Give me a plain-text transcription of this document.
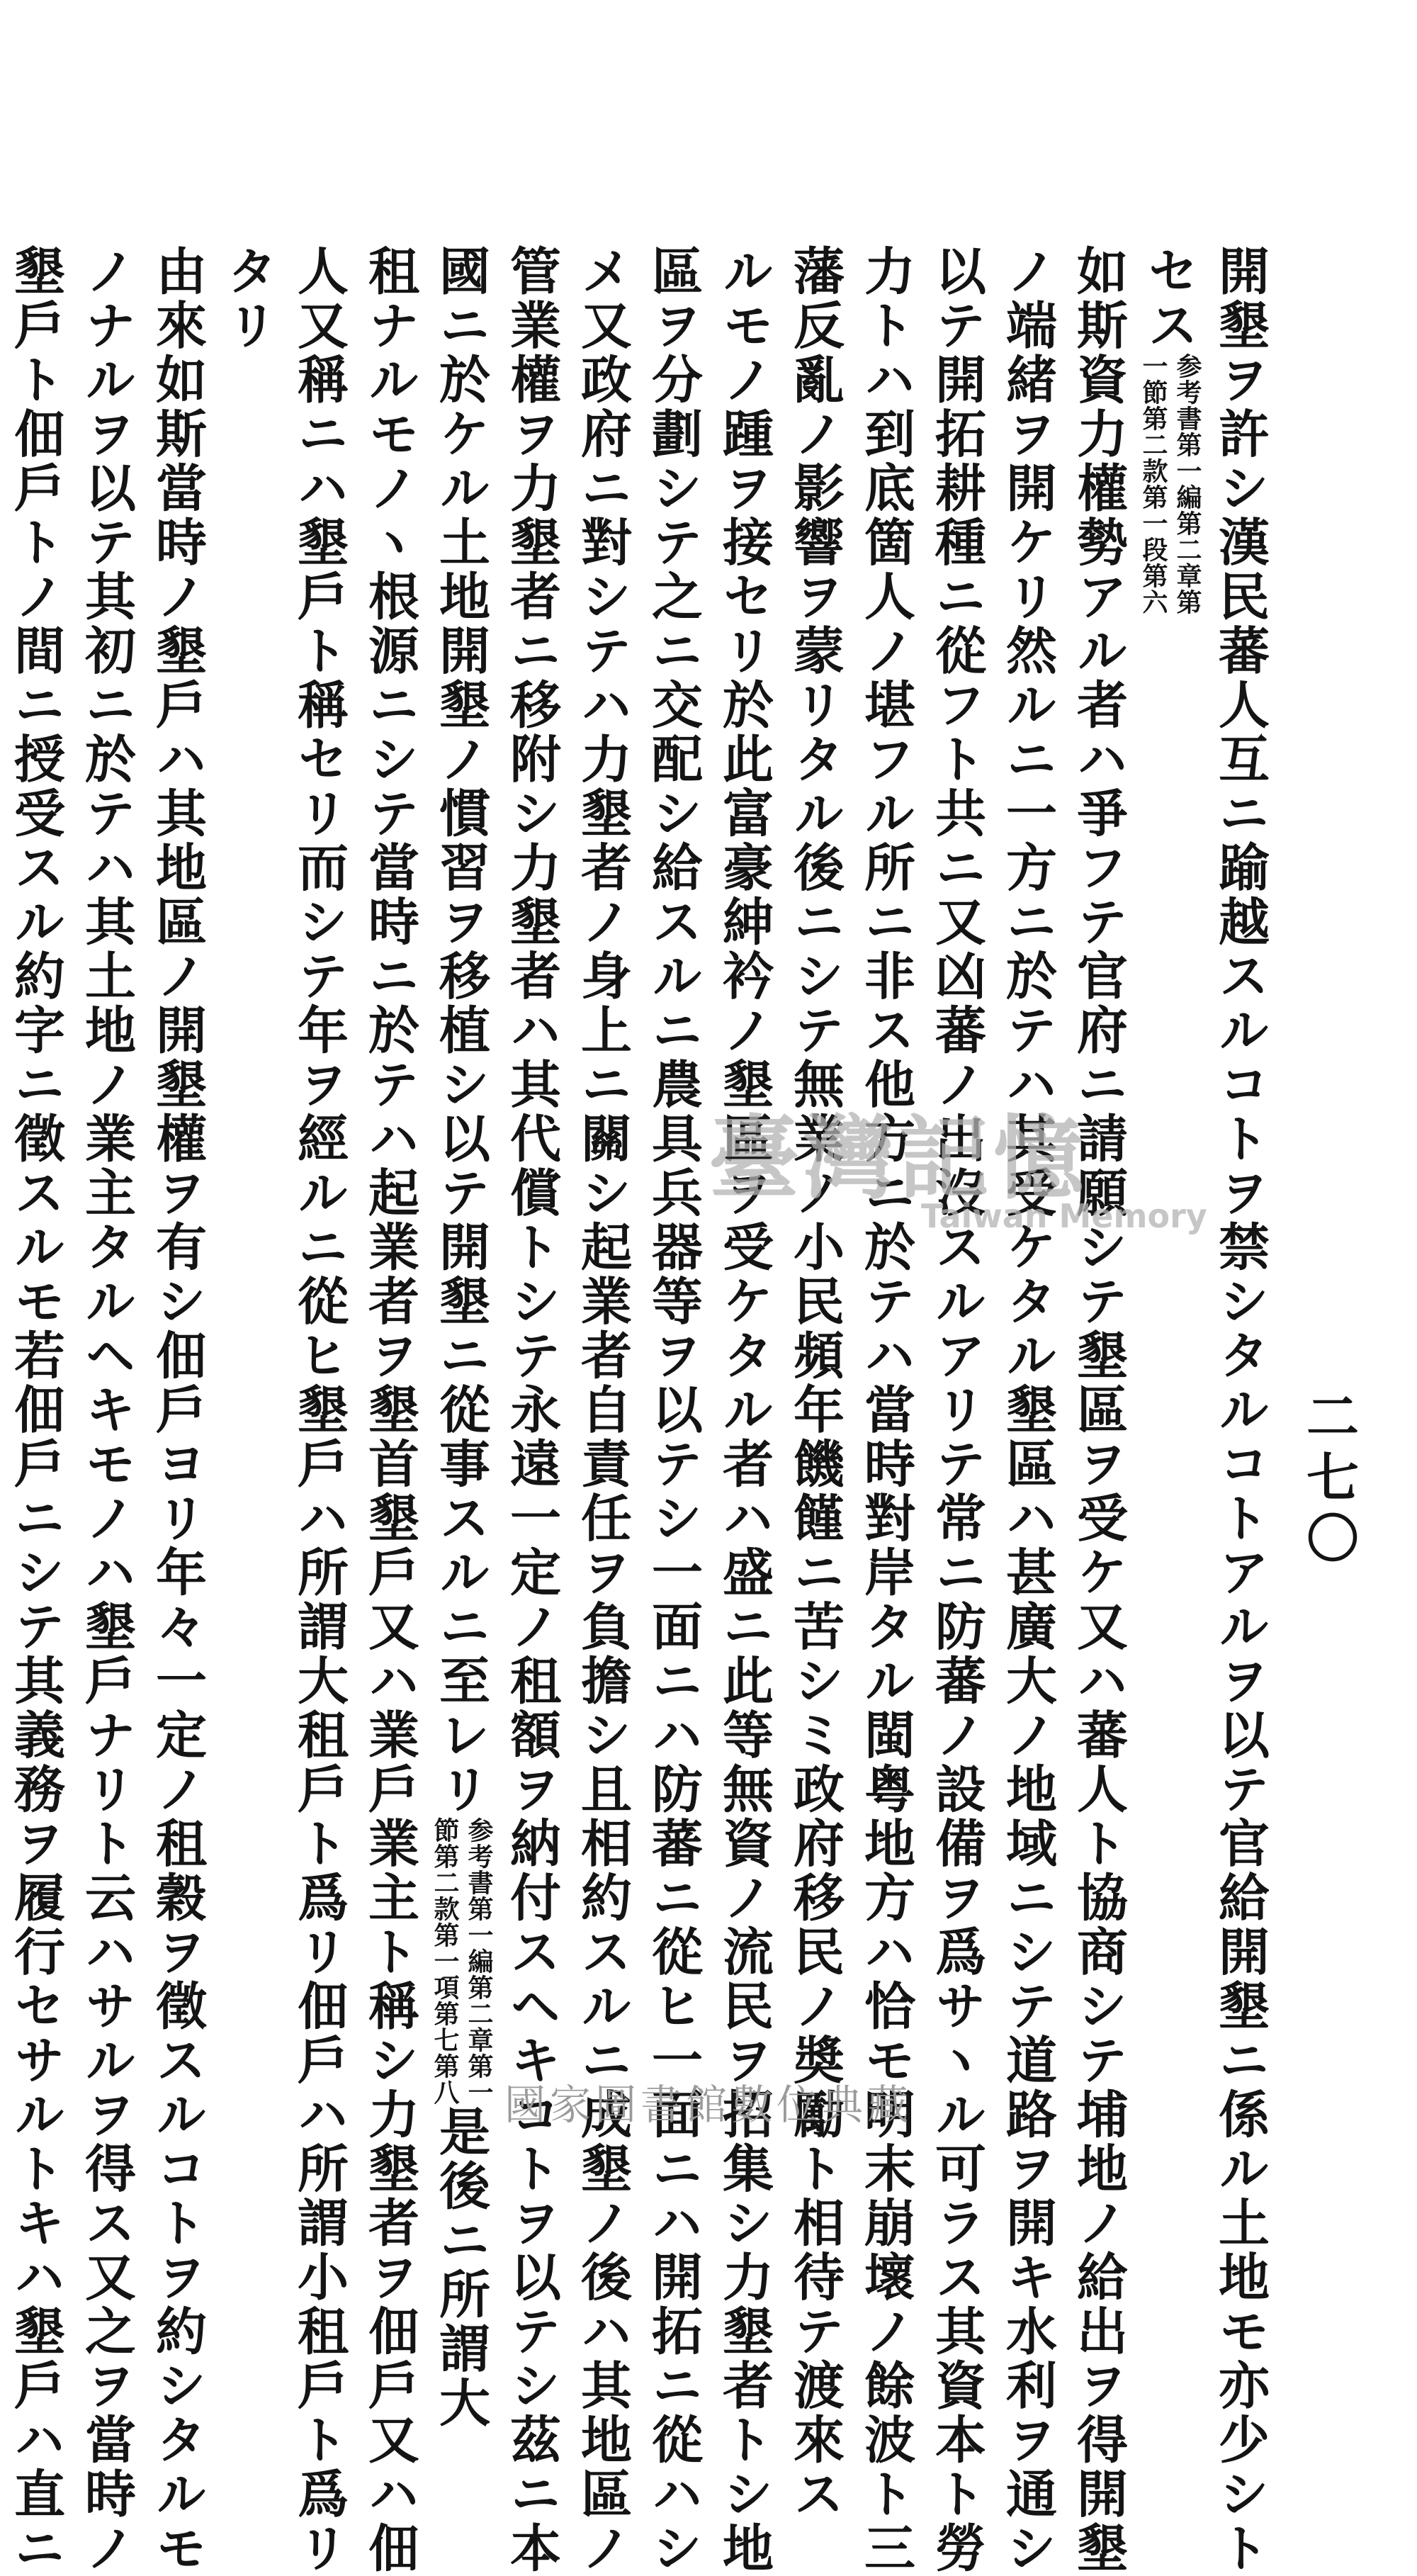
二七〇
開墾ヲ許シ漢民蕃人互ニ踰越スルコトヲ禁シタルコトアルヲ以テ官給開墾ニ係ル土地モ亦少シト
セス
参考書第一編第二章第
一節第二款第一段第六
如斯資力權勢アル者ハ爭フテ官府ニ請願シテ墾區ヲ受ケ又ハ蕃人ト協商シテ埔地ノ給出ヲ得開墾
ノ端緒ヲ開ケリ然ルニ一方ニ於テハ其受ケタル墾區ハ甚廣大ノ地域ニシテ道路ヲ開キ水利ヲ通シ
以テ開拓耕種ニ從フト共ニ又凶蕃ノ出沒スルアリテ常ニ防蕃ノ設備ヲ爲サヽル可ラス其資本ト勞
力トハ到底箇人ノ堪フル所ニ非ス他方ニ於テハ當時對岸タル閩粤地方ハ恰モ明末崩壞ノ餘波ト三
藩反亂ノ影響ヲ蒙リタル後ニシテ無業ノ小民頻年饑饉ニ苦シミ政府移民ノ奬勵ト相待テ渡來ス
ルモノ踵ヲ接セリ於此富豪紳衿ノ墾區ヲ受ケタル者ハ盛ニ此等無資ノ流民ヲ招集シ力墾者トシ地
區ヲ分劃シテ之ニ交配シ給スルニ農具兵器等ヲ以テシ一面ニハ防蕃ニ從ヒ一面ニハ開拓ニ從ハシ
メ又政府ニ對シテハ力墾者ノ身上ニ關シ起業者自責任ヲ負擔シ且相約スルニ成墾ノ後ハ其地區ノ
管業權ヲ力墾者ニ移附シ力墾者ハ其代償トシテ永遠一定ノ租額ヲ納付スヘキコトヲ以テシ茲ニ本
國ニ於ケル土地開墾ノ慣習ヲ移植シ以テ開墾ニ從事スルニ至レリ
参考書第一編第二章第一
節第二款第一項第七第八
是後ニ所謂大
租ナルモノヽ根源ニシテ當時ニ於テハ起業者ヲ墾首墾戶又ハ業戶業主ト稱シ力墾者ヲ佃戶又ハ佃
人又稱ニハ墾戶ト稱セリ而シテ年ヲ經ルニ從ヒ墾戶ハ所謂大租戶ト爲リ佃戶ハ所謂小租戶ト爲リ
タリ
由來如斯當時ノ墾戶ハ其地區ノ開墾權ヲ有シ佃戶ヨリ年々一定ノ租穀ヲ徵スルコトヲ約シタルモ
ノナルヲ以テ其初ニ於テハ其土地ノ業主タルヘキモノハ墾戶ナリト云ハサルヲ得ス又之ヲ當時ノ
墾戶ト佃戶トノ間ニ授受スル約字ニ徵スルモ若佃戶ニシテ其義務ヲ履行セサルトキハ墾戶ハ直ニ	臺灣記憶
Taiwan Memory
國家圖書館數位典藏
